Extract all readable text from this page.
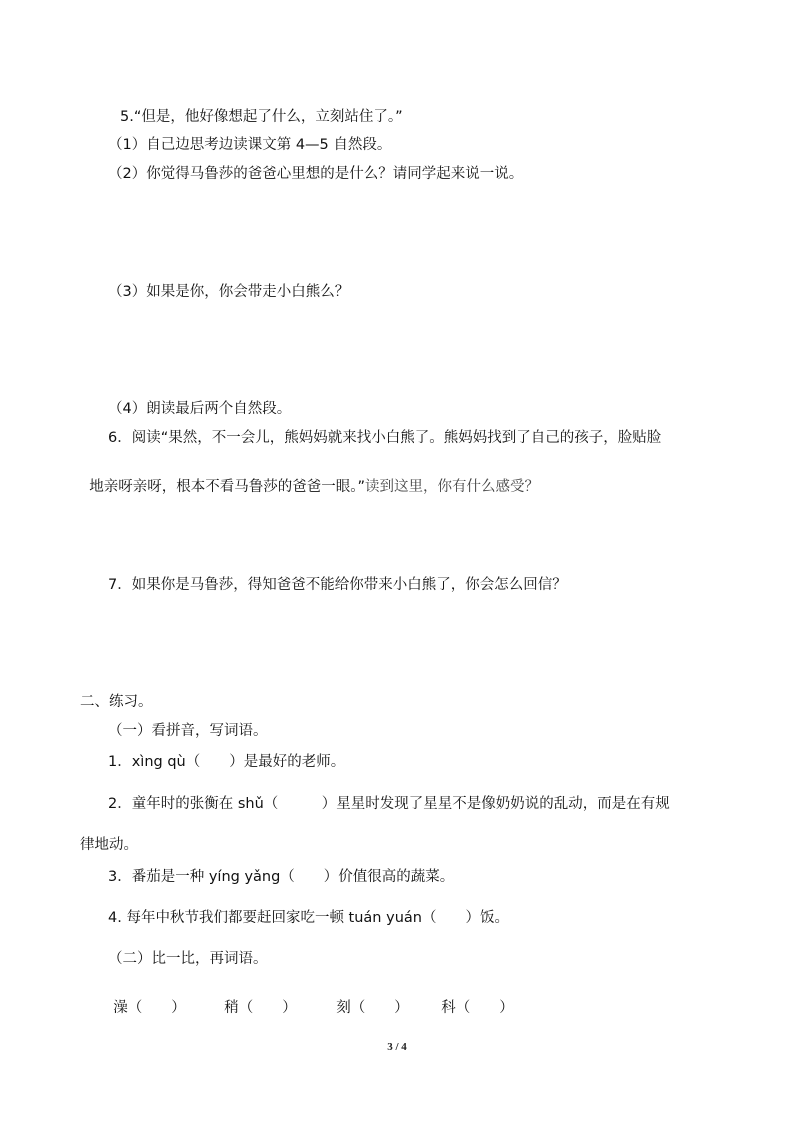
5.“但是，他好像想起了什么，立刻站住了。”
（1）自己边思考边读课文第 4—5 自然段。
（2）你觉得马鲁莎的爸爸心里想的是什么？请同学起来说一说。
（3）如果是你，你会带走小白熊么？
（4）朗读最后两个自然段。
6．阅读“果然，不一会儿，熊妈妈就来找小白熊了。熊妈妈找到了自己的孩子，脸贴脸

地亲呀亲呀，根本不看马鲁莎的爸爸一眼。”读到这里，你有什么感受？

7．如果你是马鲁莎，得知爸爸不能给你带来小白熊了，你会怎么回信？
二、练习。
（一）看拼音，写词语。
1．xìng qù（　　）是最好的老师。
2．童年时的张衡在 shǔ（　　　）星星时发现了星星不是像奶奶说的乱动，而是在有规
律地动。
3．番茄是一种 yíng yǎng（　　）价值很高的蔬菜。
4. 每年中秋节我们都要赶回家吃一顿 tuán yuán（　　）饭。
（二）比一比，再词语。

澡（　　）	稍（　　）	刻（　　）	科（　　）

3 / 4
